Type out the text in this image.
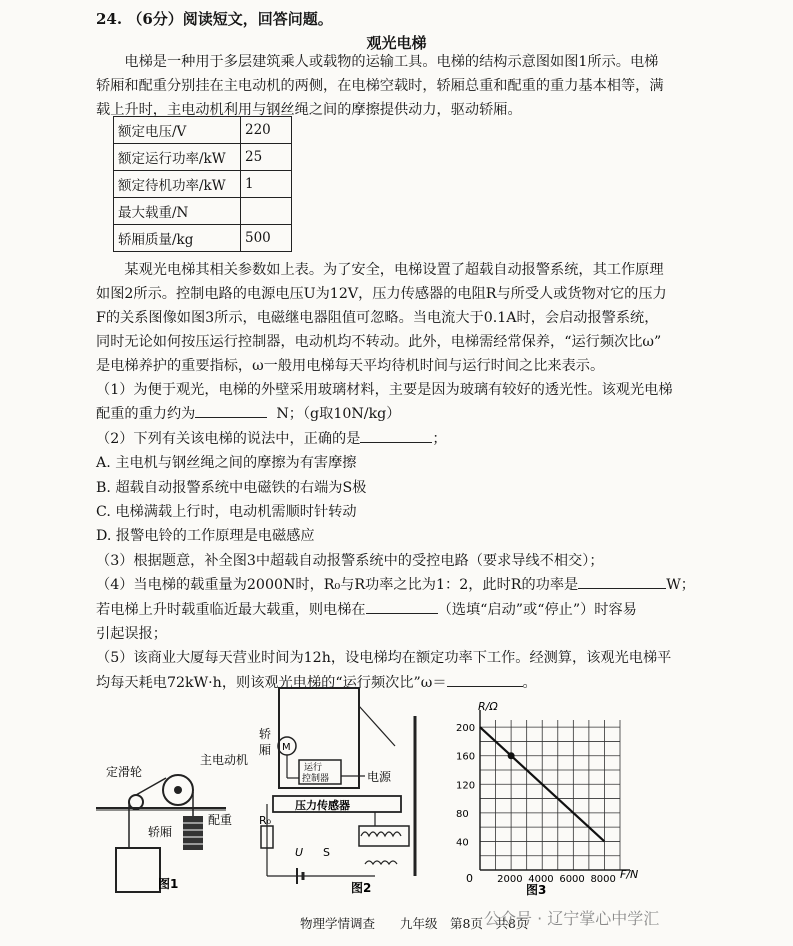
24. （6分）阅读短文，回答问题。
观光电梯
电梯是一种用于多层建筑乘人或载物的运输工具。电梯的结构示意图如图1所示。电梯
轿厢和配重分别挂在主电动机的两侧，在电梯空载时，轿厢总重和配重的重力基本相等，满
载上升时，主电动机利用与钢丝绳之间的摩擦提供动力，驱动轿厢。
额定电压/V	220
额定运行功率/kW	25
额定待机功率/kW	1
最大载重/N	
轿厢质量/kg	500
某观光电梯其相关参数如上表。为了安全，电梯设置了超载自动报警系统，其工作原理
如图2所示。控制电路的电源电压U为12V，压力传感器的电阻R与所受人或货物对它的压力
F的关系图像如图3所示，电磁继电器阻值可忽略。当电流大于0.1A时，会启动报警系统，
同时无论如何按压运行控制器，电动机均不转动。此外，电梯需经常保养，“运行频次比ω”
是电梯养护的重要指标，ω一般用电梯每天平均待机时间与运行时间之比来表示。
（1）为便于观光，电梯的外壁采用玻璃材料，主要是因为玻璃有较好的透光性。该观光电梯
配重的重力约为	N；（g取10N/kg）
（2）下列有关该电梯的说法中，正确的是	；
A. 主电机与钢丝绳之间的摩擦为有害摩擦
B. 超载自动报警系统中电磁铁的右端为S极
C. 电梯满载上行时，电动机需顺时针转动
D. 报警电铃的工作原理是电磁感应
（3）根据题意，补全图3中超载自动报警系统中的受控电路（要求导线不相交）；
（4）当电梯的载重量为2000N时，R₀与R功率之比为1：2，此时R的功率是	W；
若电梯上升时载重临近最大载重，则电梯在	（选填“启动”或“停止”）时容易
引起误报；
（5）该商业大厦每天营业时间为12h，设电梯均在额定功率下工作。经测算，该观光电梯平
均每天耗电72kW·h，则该观光电梯的“运行频次比”ω＝	。
定滑轮
主电动机
轿厢
配重
图1
轿
厢 M
运行
控制器	电源
压力传感器
R₀
U S
图2
R/Ω
F/N
0 2000 4000 6000 8000
200
160
120
80
40
图3
物理学情调查　　九年级　第8页　共8页
公众号 · 辽宁掌心中学汇
